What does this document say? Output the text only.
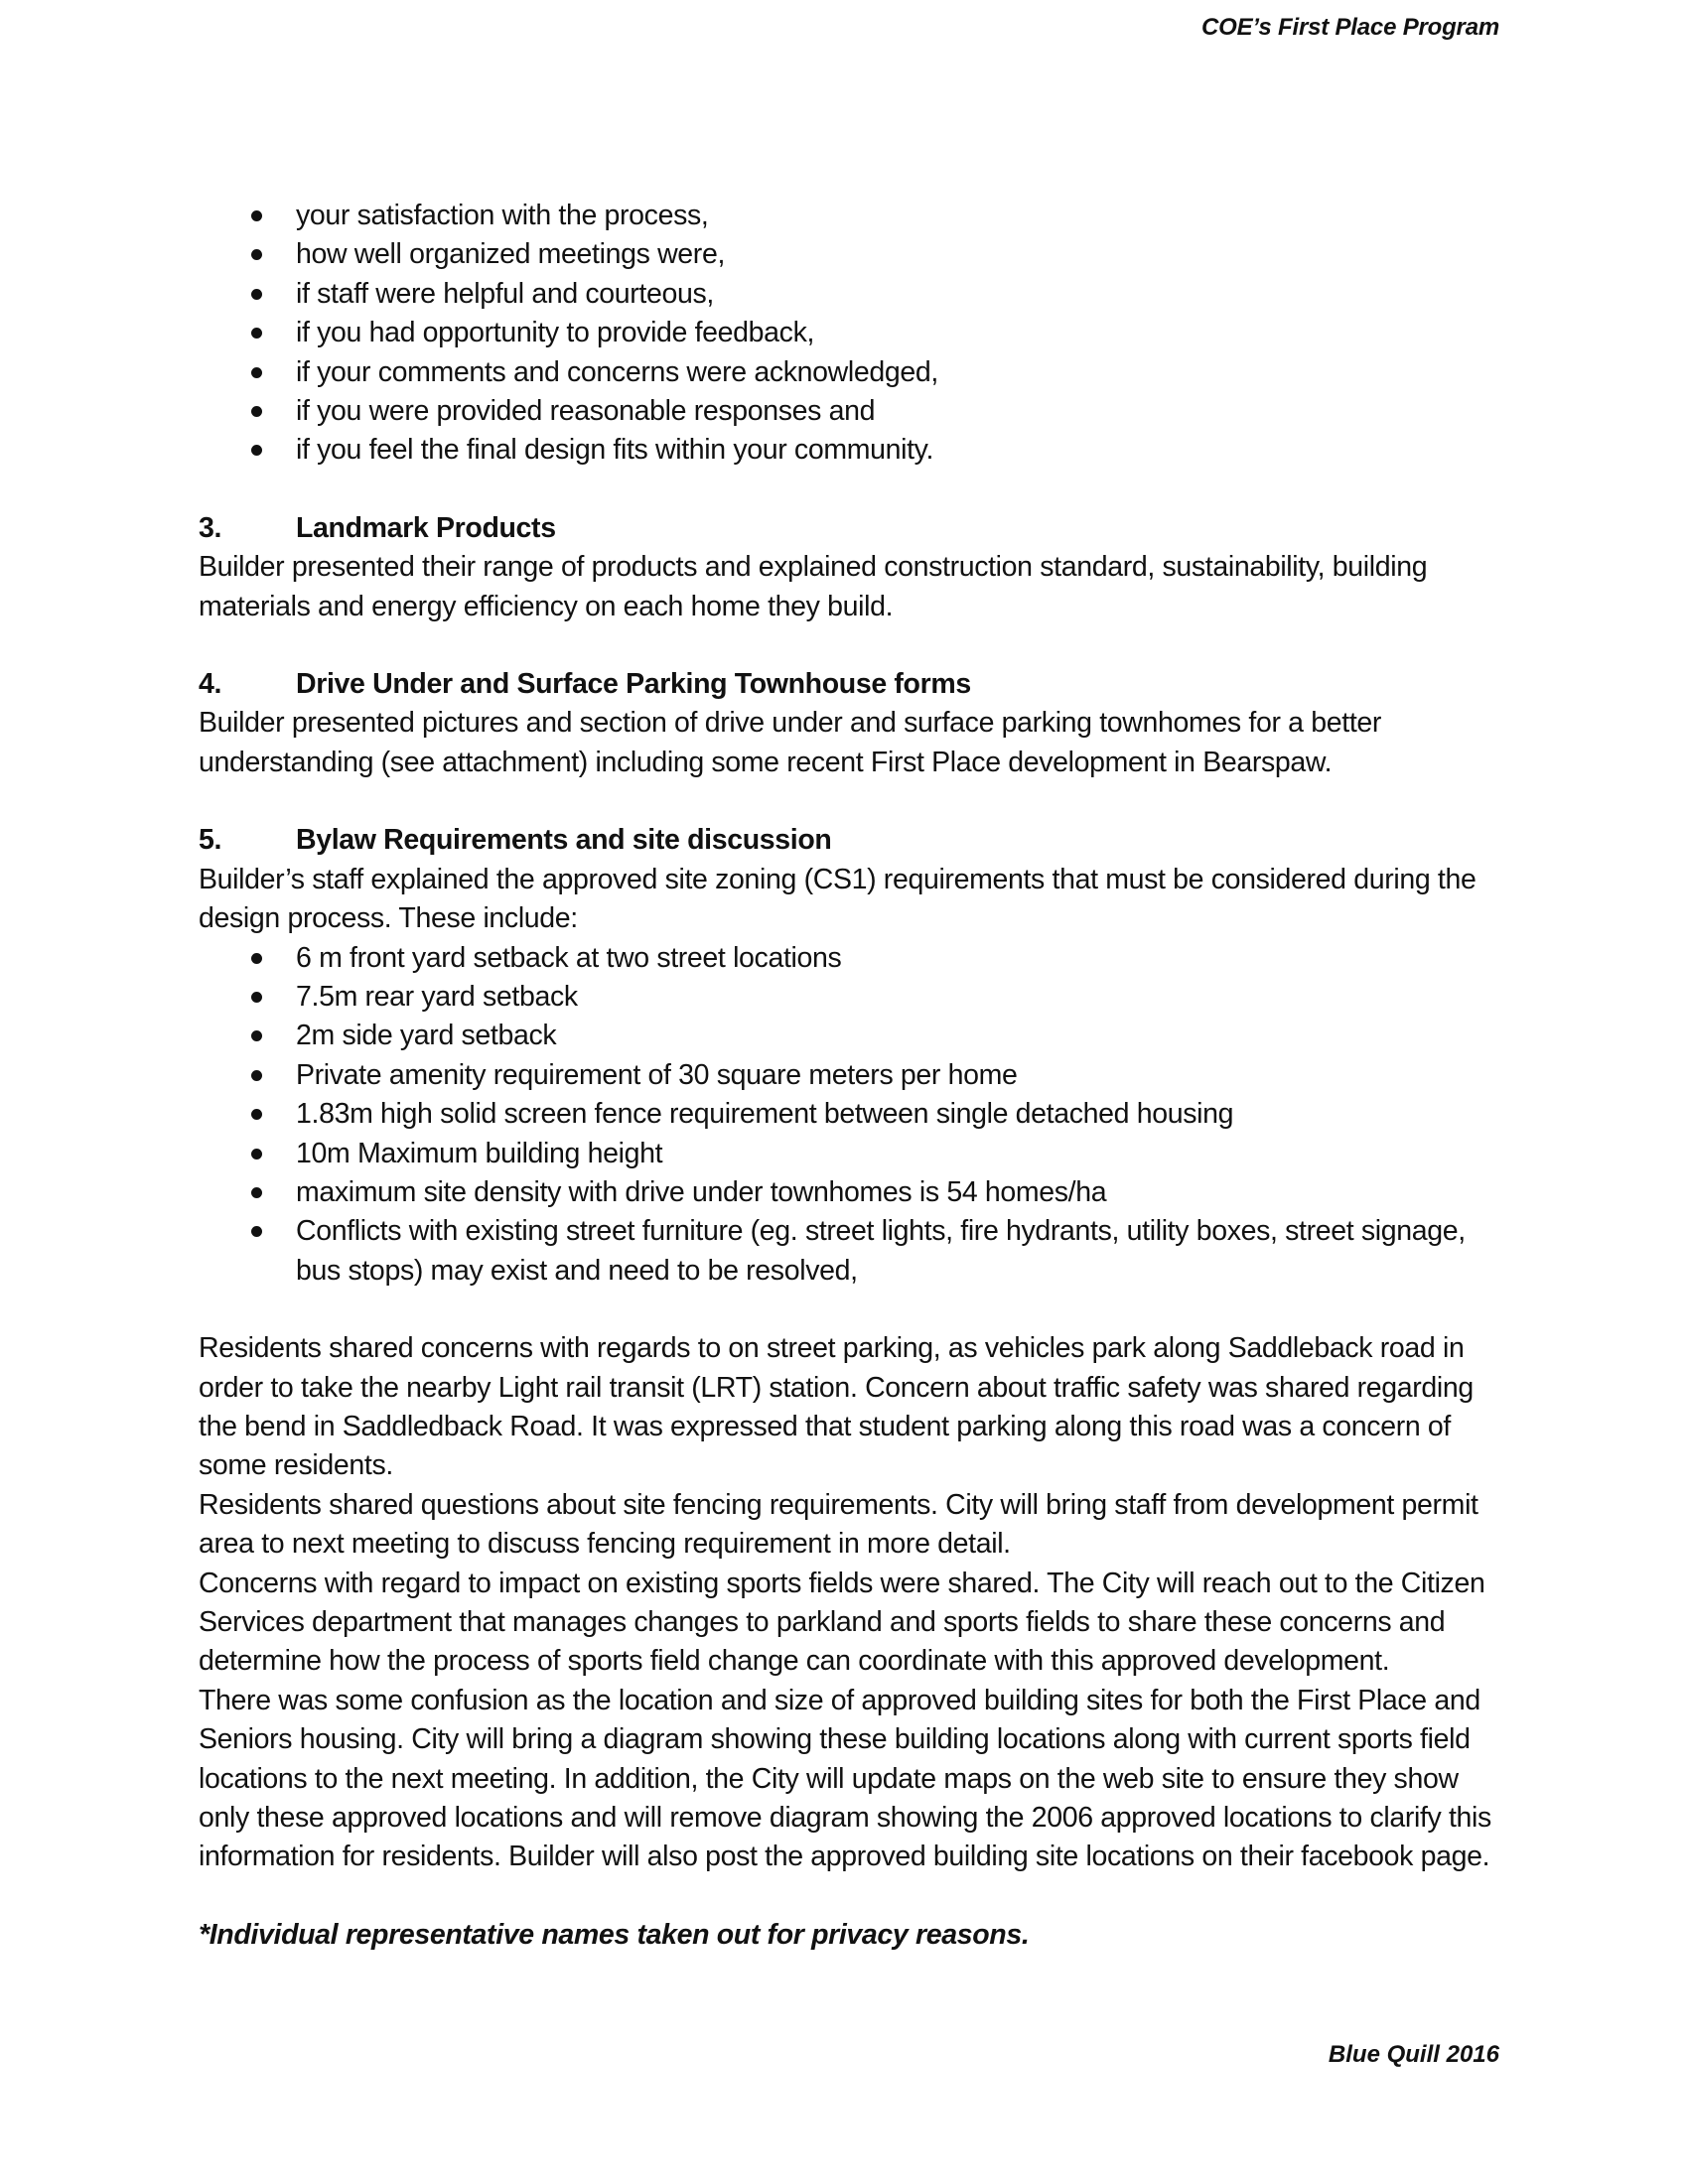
COE’s First Place Program
your satisfaction with the process,
how well organized meetings were,
if staff were helpful and courteous,
if you had opportunity to provide feedback,
if your comments and concerns were acknowledged,
if you were provided reasonable responses and
if you feel the final design fits within your community.
3.	Landmark Products

Builder presented their range of products and explained construction standard, sustainability, building materials and energy efficiency on each home they build.

4.	Drive Under and Surface Parking Townhouse forms

Builder presented pictures and section of drive under and surface parking townhomes for a better understanding (see attachment) including some recent First Place development in Bearspaw.

5.	Bylaw Requirements and site discussion

Builder’s staff explained the approved site zoning (CS1) requirements that must be considered during the design process. These include:

6 m front yard setback at two street locations
7.5m rear yard setback
2m side yard setback
Private amenity requirement of 30 square meters per home
1.83m high solid screen fence requirement between single detached housing
10m Maximum building height
maximum site density with drive under townhomes is 54 homes/ha
Conflicts with existing street furniture (eg. street lights, fire hydrants, utility boxes, street signage, bus stops) may exist and need to be resolved,

Residents shared concerns with regards to on street parking, as vehicles park along Saddleback road in order to take the nearby Light rail transit (LRT) station. Concern about traffic safety was shared regarding the bend in Saddledback Road. It was expressed that student parking along this road was a concern of some residents.

Residents shared questions about site fencing requirements. City will bring staff from development permit area to next meeting to discuss fencing requirement in more detail.

Concerns with regard to impact on existing sports fields were shared. The City will reach out to the Citizen Services department that manages changes to parkland and sports fields to share these concerns and determine how the process of sports field change can coordinate with this approved development.

There was some confusion as the location and size of approved building sites for both the First Place and Seniors housing. City will bring a diagram showing these building locations along with current sports field locations to the next meeting. In addition, the City will update maps on the web site to ensure they show only these approved locations and will remove diagram showing the 2006 approved locations to clarify this information for residents. Builder will also post the approved building site locations on their facebook page.

*Individual representative names taken out for privacy reasons.

Blue Quill 2016
